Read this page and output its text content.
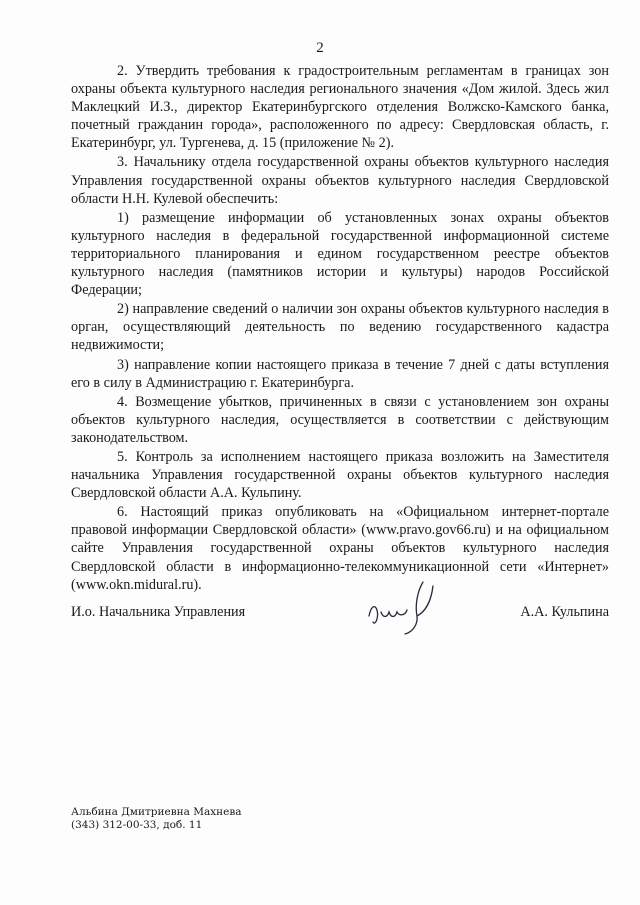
2

2. Утвердить требования к градостроительным регламентам в границах зон охраны объекта культурного наследия регионального значения «Дом жилой. Здесь жил Маклецкий И.З., директор Екатеринбургского отделения Волжско-Камского банка, почетный гражданин города», расположенного по адресу: Свердловская область, г. Екатеринбург, ул. Тургенева, д. 15 (приложение № 2).

3. Начальнику отдела государственной охраны объектов культурного наследия Управления государственной охраны объектов культурного наследия Свердловской области Н.Н. Кулевой обеспечить:

1) размещение информации об установленных зонах охраны объектов культурного наследия в федеральной государственной информационной системе территориального планирования и едином государственном реестре объектов культурного наследия (памятников истории и культуры) народов Российской Федерации;

2) направление сведений о наличии зон охраны объектов культурного наследия в орган, осуществляющий деятельность по ведению государственного кадастра недвижимости;

3) направление копии настоящего приказа в течение 7 дней с даты вступления его в силу в Администрацию г. Екатеринбурга.

4. Возмещение убытков, причиненных в связи с установлением зон охраны объектов культурного наследия, осуществляется в соответствии с действующим законодательством.

5. Контроль за исполнением настоящего приказа возложить на Заместителя начальника Управления государственной охраны объектов культурного наследия Свердловской области А.А. Кульпину.

6. Настоящий приказ опубликовать на «Официальном интернет-портале правовой информации Свердловской области» (www.pravo.gov66.ru) и на официальном сайте Управления государственной охраны объектов культурного наследия Свердловской области в информационно-телекоммуникационной сети «Интернет» (www.okn.midural.ru).

И.о. Начальника Управления	А.А. Кульпина
Альбина Дмитриевна Махнева
(343) 312-00-33, доб. 11
